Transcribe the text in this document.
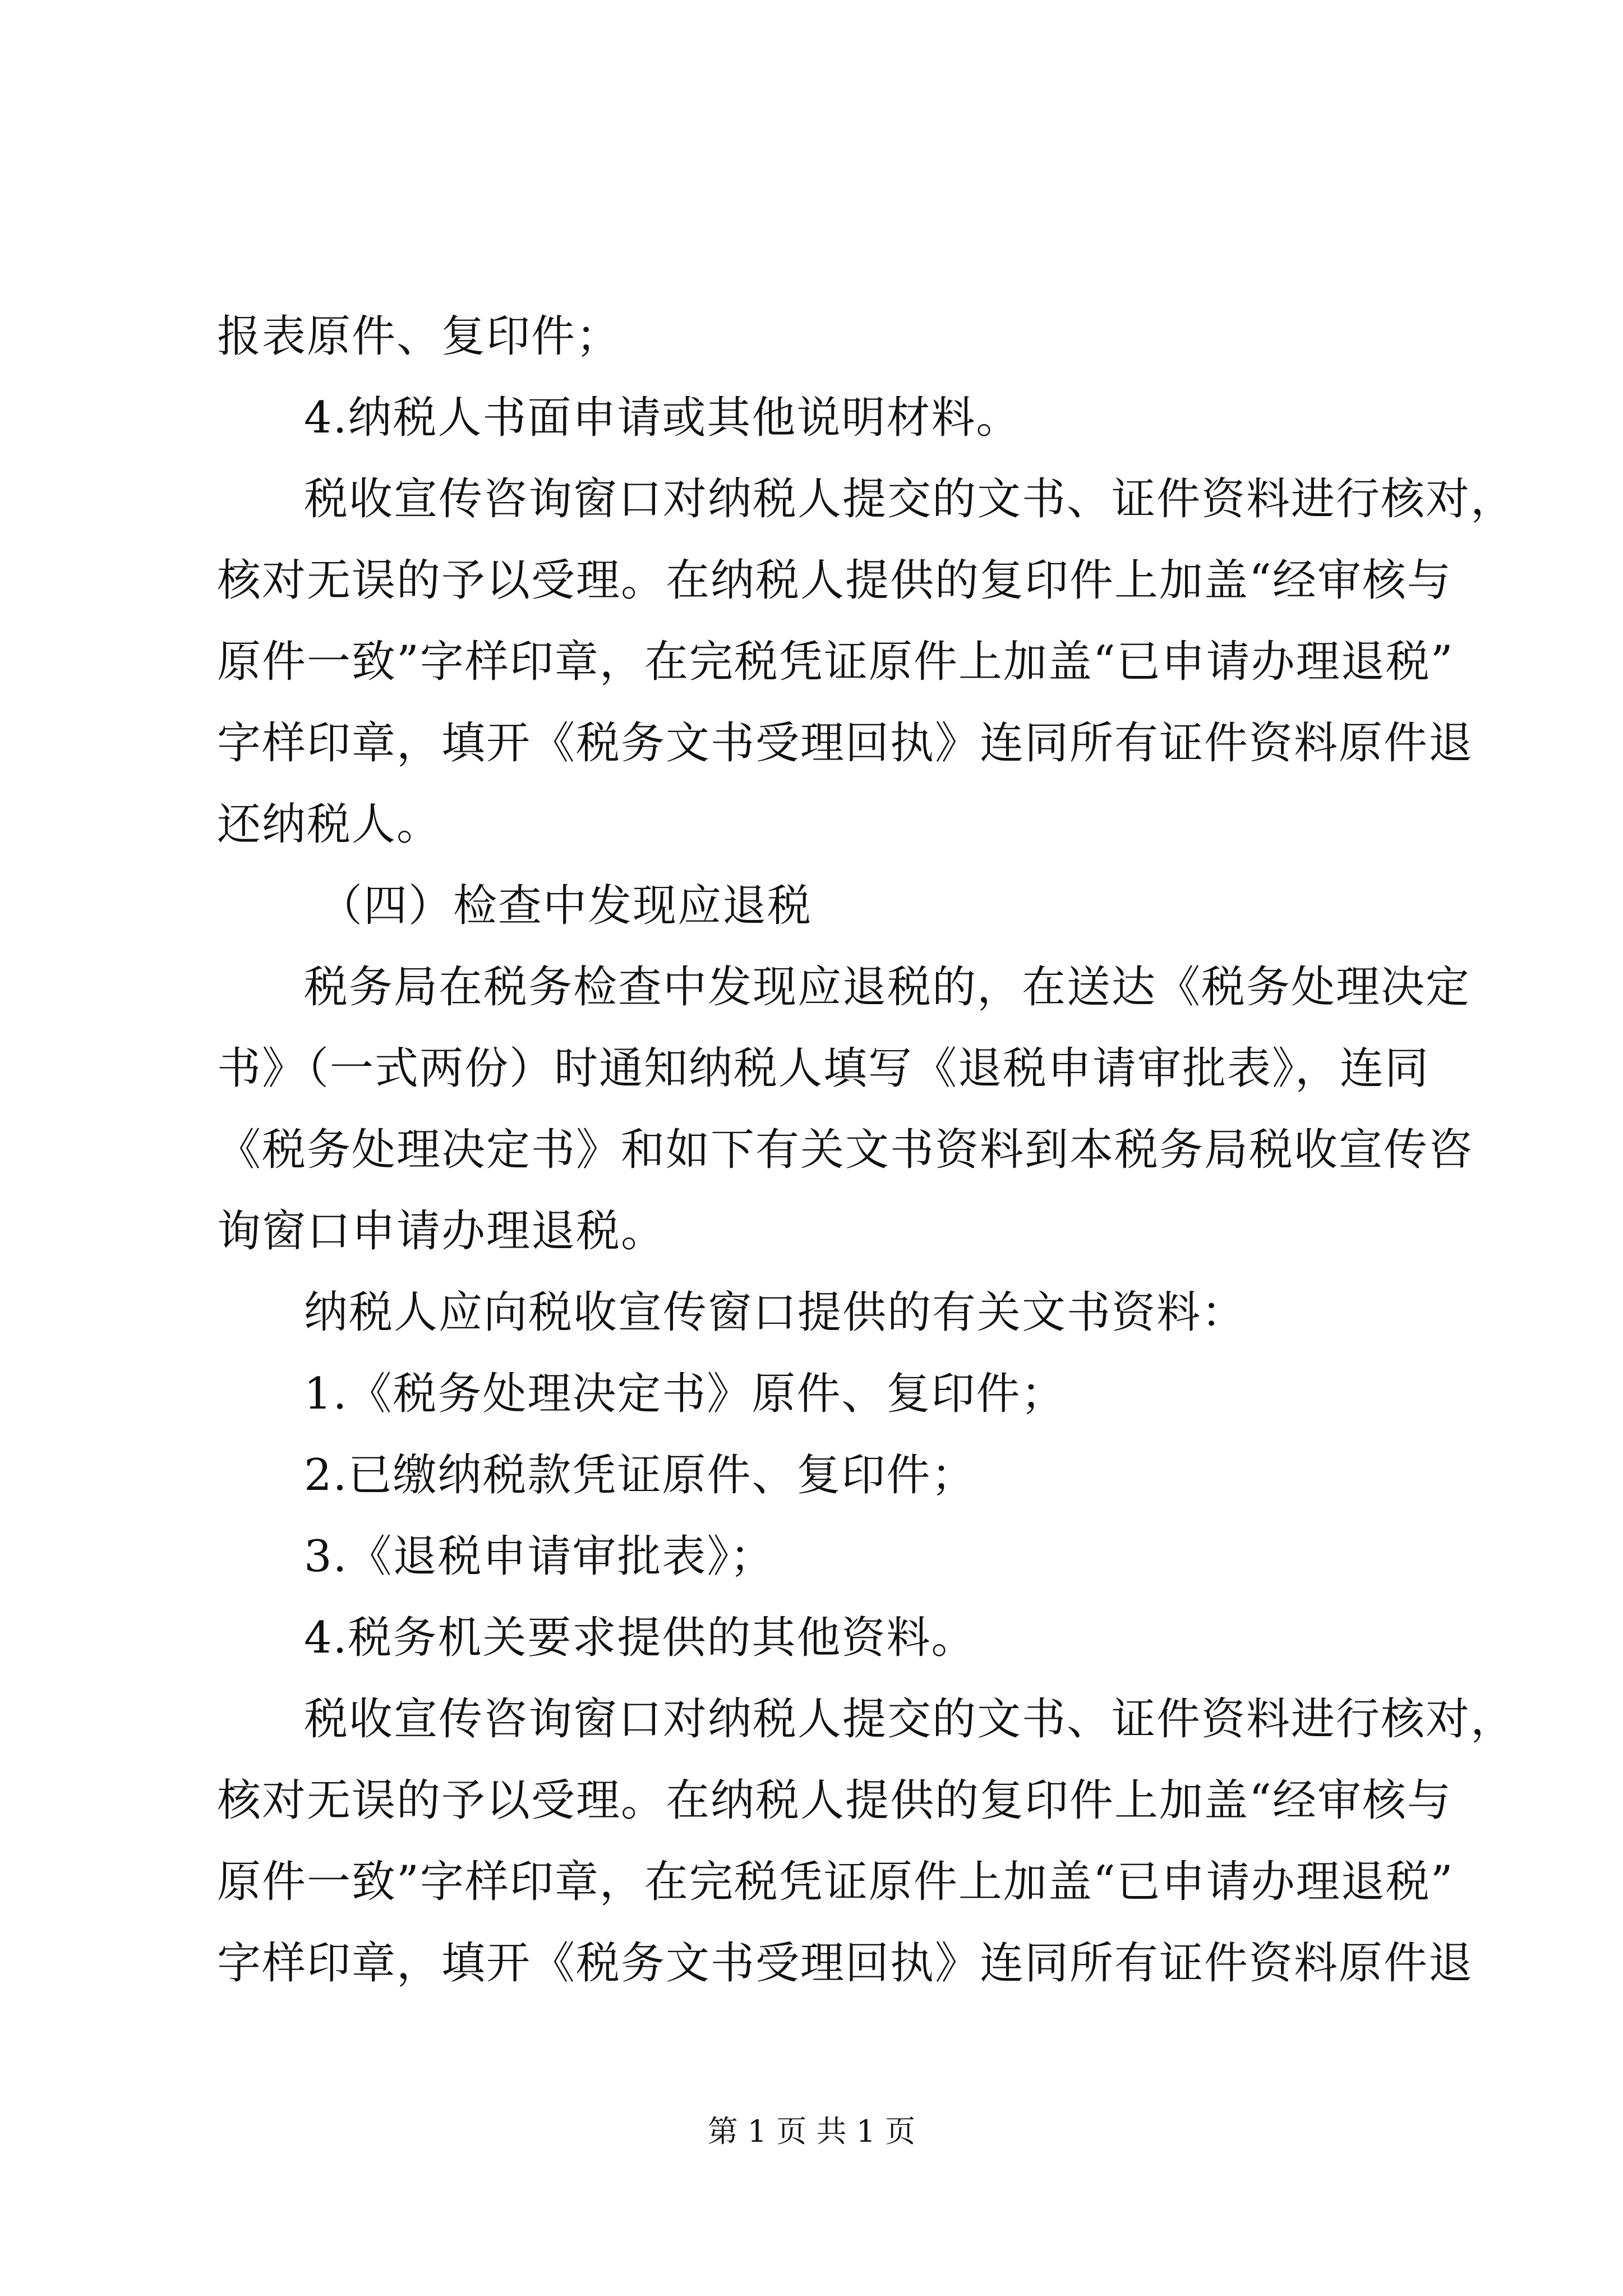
报表原件、复印件；
4.纳税人书面申请或其他说明材料。
税收宣传咨询窗口对纳税人提交的文书、证件资料进行核对，
核对无误的予以受理。在纳税人提供的复印件上加盖“经审核与
原件一致”字样印章，在完税凭证原件上加盖“已申请办理退税”
字样印章，填开《税务文书受理回执》连同所有证件资料原件退
还纳税人。
（四）检查中发现应退税
税务局在税务检查中发现应退税的，在送达《税务处理决定
书》（一式两份）时通知纳税人填写《退税申请审批表》，连同
《税务处理决定书》和如下有关文书资料到本税务局税收宣传咨
询窗口申请办理退税。
纳税人应向税收宣传窗口提供的有关文书资料：
1.《税务处理决定书》原件、复印件；
2.已缴纳税款凭证原件、复印件；
3.《退税申请审批表》；
4.税务机关要求提供的其他资料。
税收宣传咨询窗口对纳税人提交的文书、证件资料进行核对，
核对无误的予以受理。在纳税人提供的复印件上加盖“经审核与
原件一致”字样印章，在完税凭证原件上加盖“已申请办理退税”
字样印章，填开《税务文书受理回执》连同所有证件资料原件退
第 1 页 共 1 页
